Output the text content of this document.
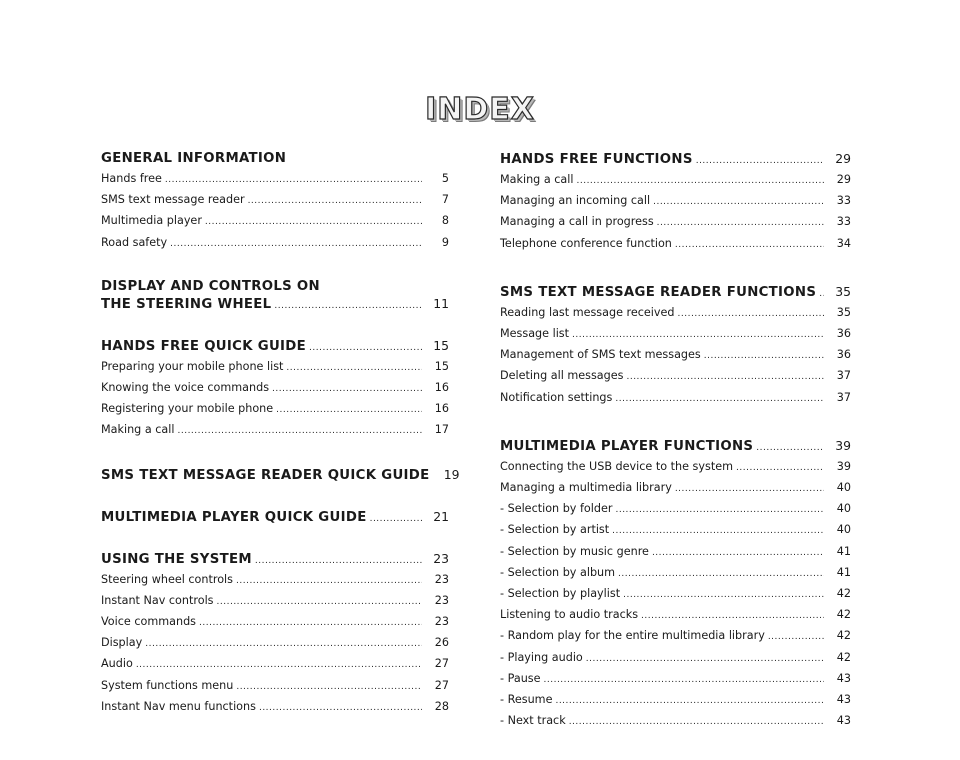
INDEX
GENERAL INFORMATION
Hands free .....	5
SMS text message reader .....	7
Multimedia player .....	8
Road safety .....	9
DISPLAY AND CONTROLS ON
THE STEERING WHEEL .....	11
HANDS FREE QUICK GUIDE .....	15
Preparing your mobile phone list .....	15
Knowing the voice commands .....	16
Registering your mobile phone .....	16
Making a call .....	17
SMS TEXT MESSAGE READER QUICK GUIDE	19
MULTIMEDIA PLAYER QUICK GUIDE .....	21
USING THE SYSTEM .....	23
Steering wheel controls .....	23
Instant Nav controls .....	23
Voice commands .....	23
Display .....	26
Audio .....	27
System functions menu .....	27
Instant Nav menu functions .....	28
HANDS FREE FUNCTIONS .....	29
Making a call .....	29
Managing an incoming call .....	33
Managing a call in progress .....	33
Telephone conference function .....	34
SMS TEXT MESSAGE READER FUNCTIONS .....	35
Reading last message received .....	35
Message list .....	36
Management of SMS text messages .....	36
Deleting all messages .....	37
Notification settings .....	37
MULTIMEDIA PLAYER FUNCTIONS .....	39
Connecting the USB device to the system .....	39
Managing a multimedia library .....	40
- Selection by folder .....	40
- Selection by artist .....	40
- Selection by music genre .....	41
- Selection by album .....	41
- Selection by playlist .....	42
Listening to audio tracks .....	42
- Random play for the entire multimedia library .....	42
- Playing audio .....	42
- Pause .....	43
- Resume .....	43
- Next track .....	43
